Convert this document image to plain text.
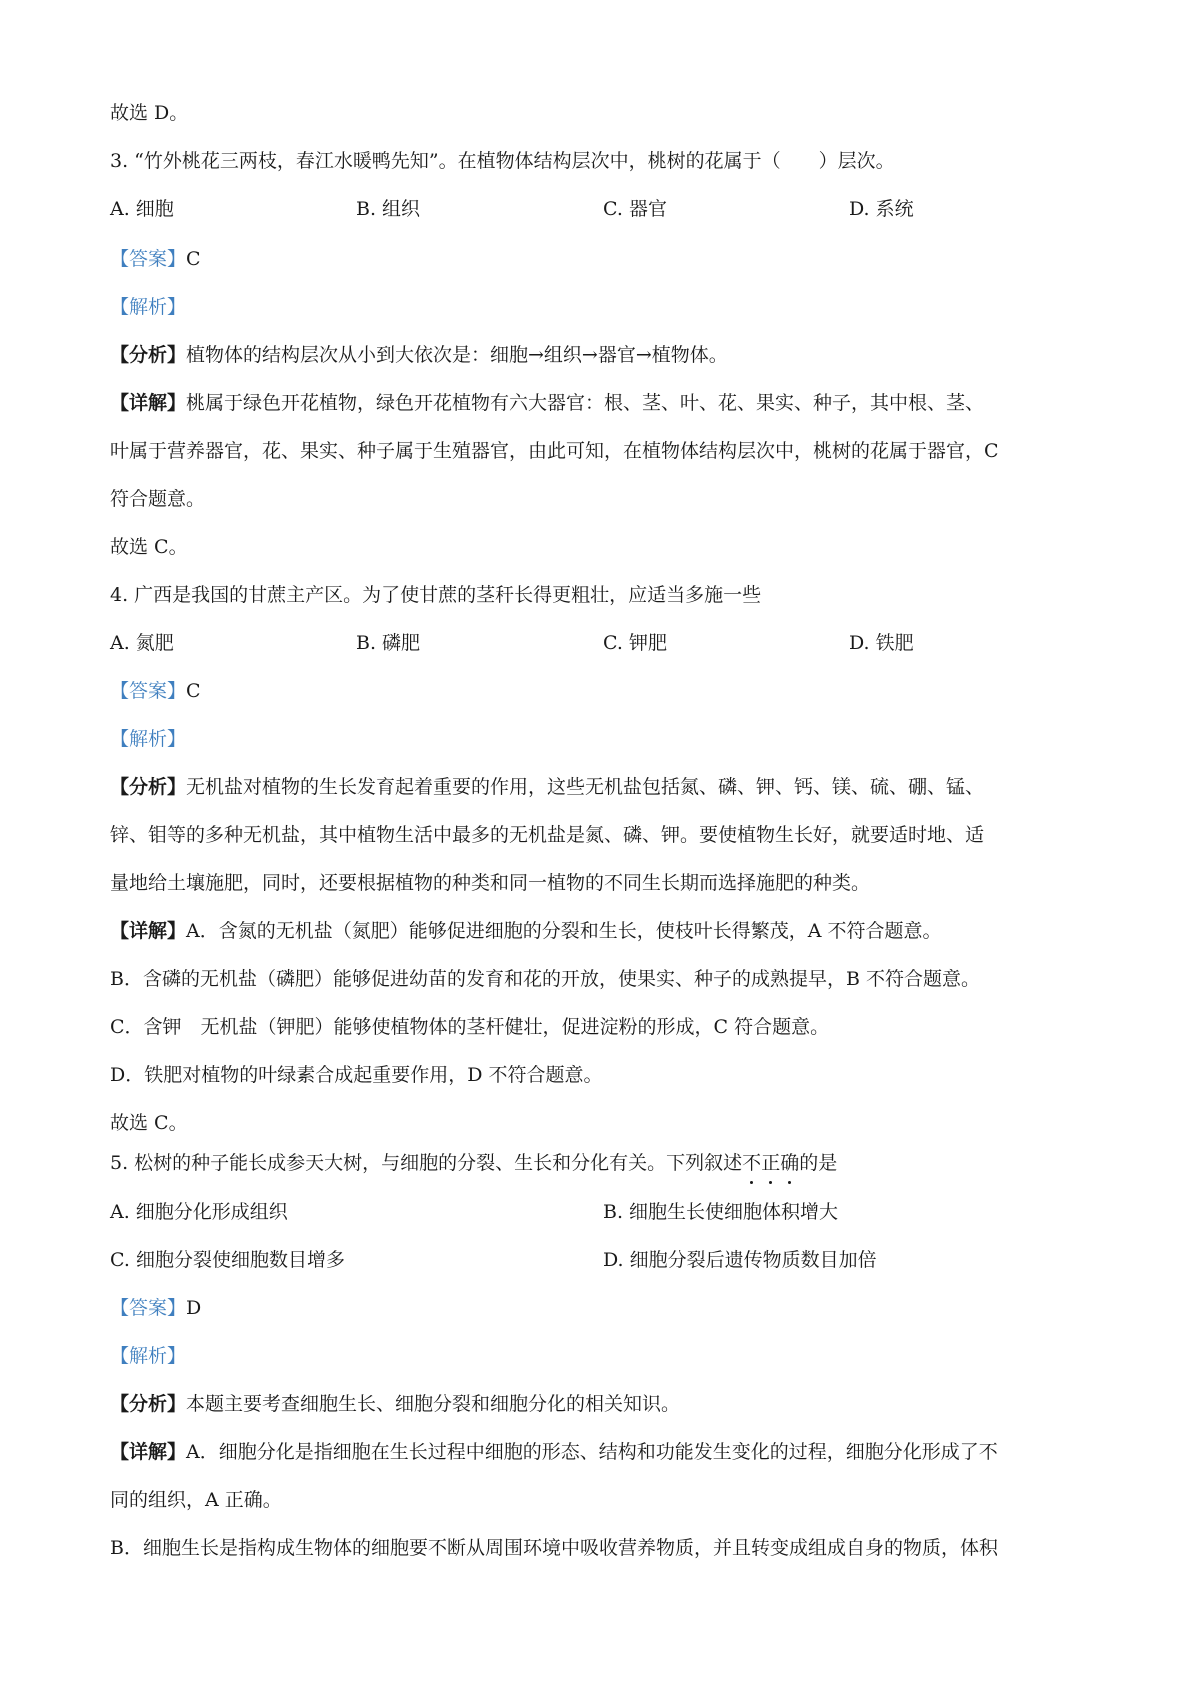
故选 D。

3. “竹外桃花三两枝，春江水暖鸭先知”。在植物体结构层次中，桃树的花属于（　　）层次。

A. 细胞	B. 组织	C. 器官	D. 系统

【答案】C

【解析】

【分析】植物体的结构层次从小到大依次是：细胞→组织→器官→植物体。

【详解】桃属于绿色开花植物，绿色开花植物有六大器官：根、茎、叶、花、果实、种子，其中根、茎、

叶属于营养器官，花、果实、种子属于生殖器官，由此可知，在植物体结构层次中，桃树的花属于器官，C

符合题意。

故选 C。

4. 广西是我国的甘蔗主产区。为了使甘蔗的茎秆长得更粗壮，应适当多施一些

A. 氮肥	B. 磷肥	C. 钾肥	D. 铁肥

【答案】C

【解析】

【分析】无机盐对植物的生长发育起着重要的作用，这些无机盐包括氮、磷、钾、钙、镁、硫、硼、锰、

锌、钼等的多种无机盐，其中植物生活中最多的无机盐是氮、磷、钾。要使植物生长好，就要适时地、适

量地给土壤施肥，同时，还要根据植物的种类和同一植物的不同生长期而选择施肥的种类。

【详解】A．含氮的无机盐（氮肥）能够促进细胞的分裂和生长，使枝叶长得繁茂，A 不符合题意。

B．含磷的无机盐（磷肥）能够促进幼苗的发育和花的开放，使果实、种子的成熟提早，B 不符合题意。

C．含钾　无机盐（钾肥）能够使植物体的茎杆健壮，促进淀粉的形成，C 符合题意。

D．铁肥对植物的叶绿素合成起重要作用，D 不符合题意。

故选 C。

5. 松树的种子能长成参天大树，与细胞的分裂、生长和分化有关。下列叙述不正确的是

A. 细胞分化形成组织	B. 细胞生长使细胞体积增大
C. 细胞分裂使细胞数目增多	D. 细胞分裂后遗传物质数目加倍

【答案】D

【解析】

【分析】本题主要考查细胞生长、细胞分裂和细胞分化的相关知识。

【详解】A．细胞分化是指细胞在生长过程中细胞的形态、结构和功能发生变化的过程，细胞分化形成了不

同的组织，A 正确。

B．细胞生长是指构成生物体的细胞要不断从周围环境中吸收营养物质，并且转变成组成自身的物质，体积
